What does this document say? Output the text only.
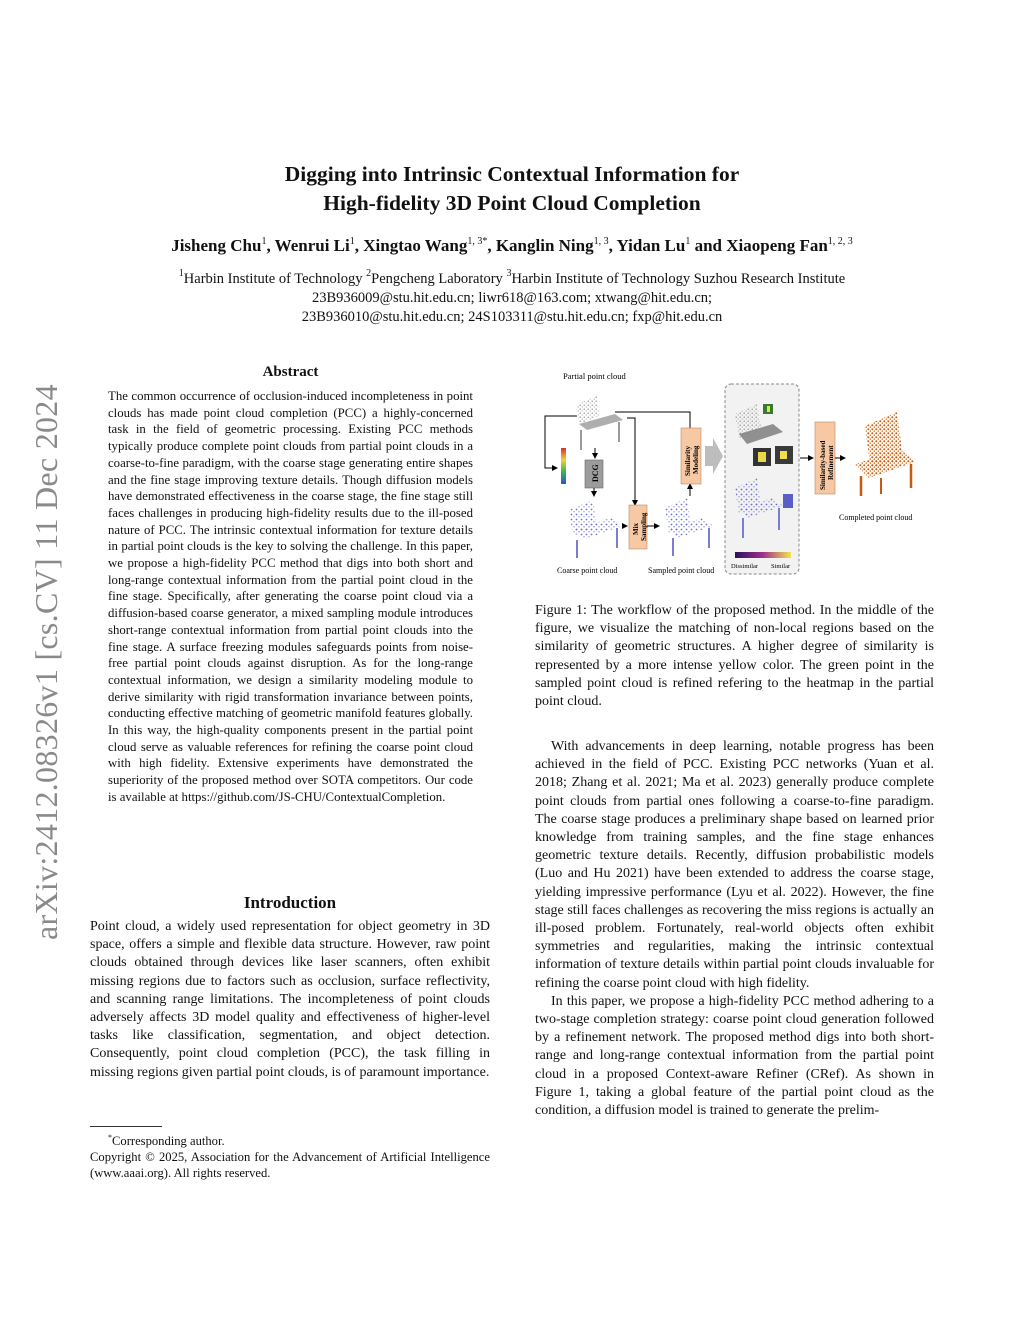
arXiv:2412.08326v1 [cs.CV] 11 Dec 2024
Digging into Intrinsic Contextual Information for
High-fidelity 3D Point Cloud Completion
Jisheng Chu$^1$, Wenrui Li$^1$, Xingtao Wang$^{1, 3*}$, Kanglin Ning$^{1, 3}$, Yidan Lu$^1$ and Xiaopeng Fan$^{1, 2, 3}$
$^1$Harbin Institute of Technology $^2$Pengcheng Laboratory $^3$Harbin Institute of Technology Suzhou Research Institute
23B936009@stu.hit.edu.cn; liwr618@163.com; xtwang@hit.edu.cn;
23B936010@stu.hit.edu.cn; 24S103311@stu.hit.edu.cn; fxp@hit.edu.cn
Abstract
The common occurrence of occlusion-induced incompleteness in point clouds has made point cloud completion (PCC) a highly-concerned task in the field of geometric processing. Existing PCC methods typically produce complete point clouds from partial point clouds in a coarse-to-fine paradigm, with the coarse stage generating entire shapes and the fine stage improving texture details. Though diffusion models have demonstrated effectiveness in the coarse stage, the fine stage still faces challenges in producing high-fidelity results due to the ill-posed nature of PCC. The intrinsic contextual information for texture details in partial point clouds is the key to solving the challenge. In this paper, we propose a high-fidelity PCC method that digs into both short and long-range contextual information from the partial point cloud in the fine stage. Specifically, after generating the coarse point cloud via a diffusion-based coarse generator, a mixed sampling module introduces short-range contextual information from partial point clouds into the fine stage. A surface freezing modules safeguards points from noise-free partial point clouds against disruption. As for the long-range contextual information, we design a similarity modeling module to derive similarity with rigid transformation invariance between points, conducting effective matching of geometric manifold features globally. In this way, the high-quality components present in the partial point cloud serve as valuable references for refining the coarse point cloud with high fidelity. Extensive experiments have demonstrated the superiority of the proposed method over SOTA competitors. Our code is available at https://github.com/JS-CHU/ContextualCompletion.
Introduction
Point cloud, a widely used representation for object geometry in 3D space, offers a simple and flexible data structure. However, raw point clouds obtained through devices like laser scanners, often exhibit missing regions due to factors such as occlusion, surface reflectivity, and scanning range limitations. The incompleteness of point clouds adversely affects 3D model quality and effectiveness of higher-level tasks like classification, segmentation, and object detection. Consequently, point cloud completion (PCC), the task filling in missing regions given partial point clouds, is of paramount importance.
*Corresponding author.
Copyright © 2025, Association for the Advancement of Artificial Intelligence (www.aaai.org). All rights reserved.
Partial point cloud
DCG
Coarse point cloud
Mix Sampling
Sampled point cloud
Similarity Modeling
Dissimilar Similar
Similarity-based Refinement
Completed point cloud
Figure 1: The workflow of the proposed method. In the middle of the figure, we visualize the matching of non-local regions based on the similarity of geometric structures. A higher degree of similarity is represented by a more intense yellow color. The green point in the sampled point cloud is refined refering to the heatmap in the partial point cloud.

With advancements in deep learning, notable progress has been achieved in the field of PCC. Existing PCC networks (Yuan et al. 2018; Zhang et al. 2021; Ma et al. 2023) generally produce complete point clouds from partial ones following a coarse-to-fine paradigm. The coarse stage produces a preliminary shape based on learned prior knowledge from training samples, and the fine stage enhances geometric texture details. Recently, diffusion probabilistic models (Luo and Hu 2021) have been extended to address the coarse stage, yielding impressive performance (Lyu et al. 2022). However, the fine stage still faces challenges as recovering the miss regions is actually an ill-posed problem. Fortunately, real-world objects often exhibit symmetries and regularities, making the intrinsic contextual information of texture details within partial point clouds invaluable for refining the coarse point cloud with high fidelity.

In this paper, we propose a high-fidelity PCC method adhering to a two-stage completion strategy: coarse point cloud generation followed by a refinement network. The proposed method digs into both short-range and long-range contextual information from the partial point cloud in a proposed Context-aware Refiner (CRef). As shown in Figure 1, taking a global feature of the partial point cloud as the condition, a diffusion model is trained to generate the prelim-
